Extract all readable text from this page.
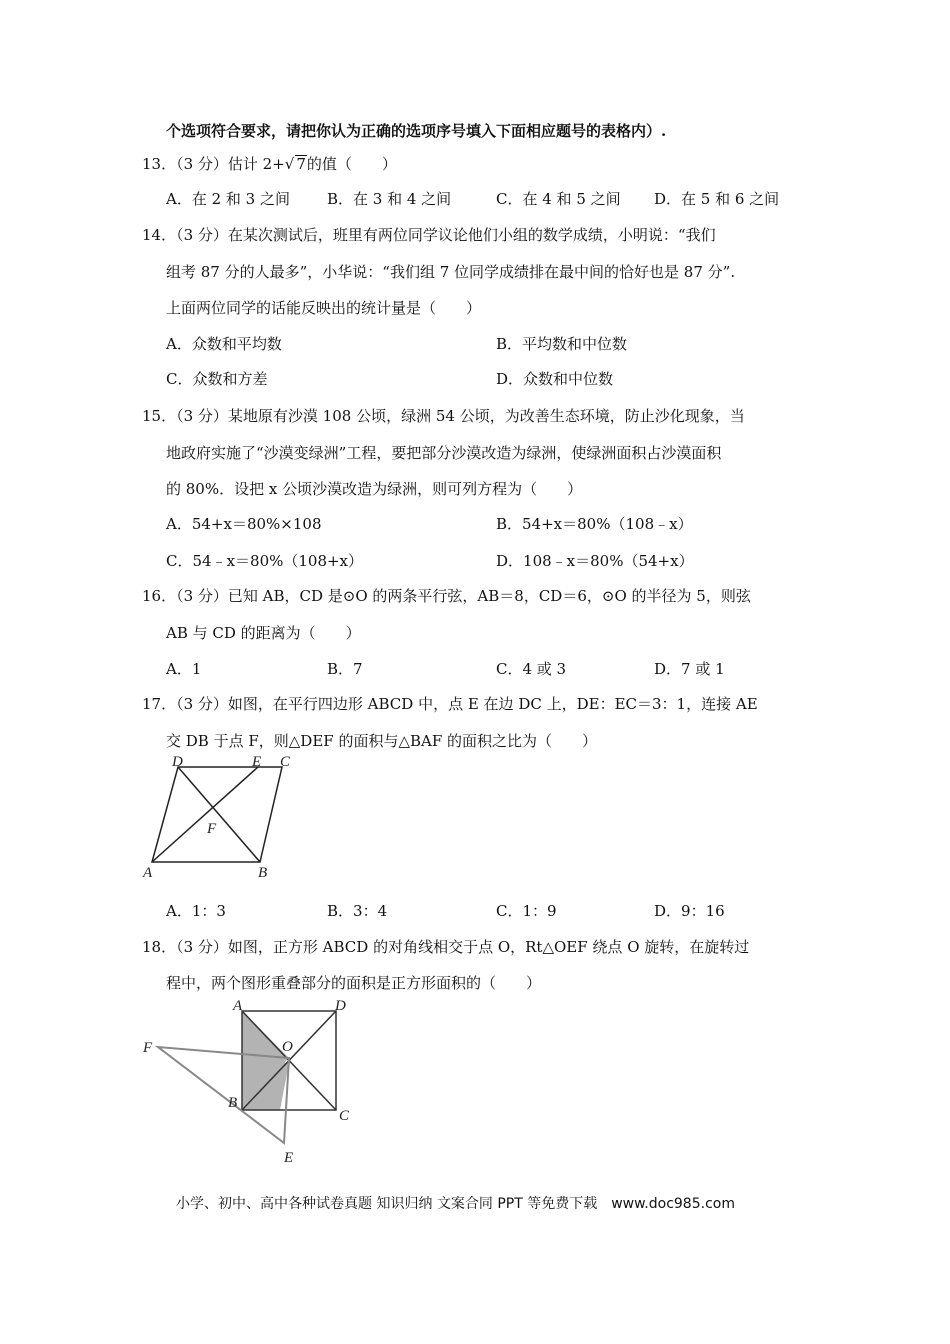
个选项符合要求，请把你认为正确的选项序号填入下面相应题号的表格内）.
13．（3 分）估计 2+√ 7的值（　　）
A．在 2 和 3 之间 B．在 3 和 4 之间	C．在 4 和 5 之间 D．在 5 和 6 之间
14．（3 分）在某次测试后，班里有两位同学议论他们小组的数学成绩，小明说：“我们
组考 87 分的人最多”，小华说：“我们组 7 位同学成绩排在最中间的恰好也是 87 分”.
上面两位同学的话能反映出的统计量是（　　）
A．众数和平均数	B．平均数和中位数
C．众数和方差	D．众数和中位数
15．（3 分）某地原有沙漠 108 公顷，绿洲 54 公顷，为改善生态环境，防止沙化现象，当
地政府实施了“沙漠变绿洲”工程，要把部分沙漠改造为绿洲，使绿洲面积占沙漠面积
的 80%．设把 x 公顷沙漠改造为绿洲，则可列方程为（　　）
A．54+x＝80%×108	B．54+x＝80%（108﹣x）
C．54﹣x＝80%（108+x）	D．108﹣x＝80%（54+x）
16．（3 分）已知 AB，CD 是⊙O 的两条平行弦，AB＝8，CD＝6，⊙O 的半径为 5，则弦
AB 与 CD 的距离为（　　）
A．1	B．7	C．4 或 3	D．7 或 1
17．（3 分）如图，在平行四边形 ABCD 中，点 E 在边 DC 上，DE：EC＝3：1，连接 AE
交 DB 于点 F，则△DEF 的面积与△BAF 的面积之比为（　　）
D	E C
F
A	B
A．1：3	B．3：4	C．1：9	D．9：16
18．（3 分）如图，正方形 ABCD 的对角线相交于点 O，Rt△OEF 绕点 O 旋转，在旋转过
程中，两个图形重叠部分的面积是正方形面积的（　　）
A	D
O
F
B
C
E
小学、初中、高中各种试卷真题 知识归纳 文案合同 PPT 等免费下载　www.doc985.com
